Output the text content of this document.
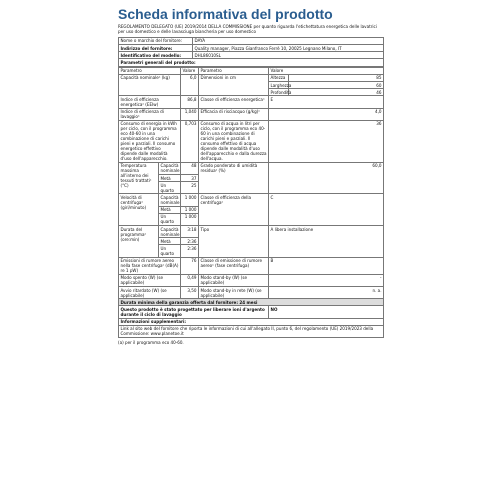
Scheda informativa del prodotto
REGOLAMENTO DELEGATO (UE) 2019/2014 DELLA COMMISSIONE per quanto riguarda l'etichettatura energetica delle lavatrici per uso domestico e delle lavasciuga biancheria per uso domestico
Nome o marchio del fornitore:	DAYA
Indirizzo del fornitore:	Quality manager, Piazza Gianfranco Ferrè 10, 20025 Legnano Milano, IT
Identificativo del modello:	DHL86010SL
Parametri generali del prodotto:	
Parametro		Valore	Parametro	Valore	
Capacità nominaleᵃ (kg)		6,0	Dimensioni in cm	Altezza	85
				Larghezza	60
				Profondità	46
Indice di efficienza energeticaᵃ (EEIw)		86,8	Classe di efficienza energeticaᵃ	E	
Indice di efficienza di lavaggioᵃ		1,040	Efficacia di risciacquo (g/kg)ᵃ	4,0	
Consumo di energia in kWh per ciclo, con il programma eco 40-60 in una combinazione di carichi pieni e parziali. Il consumo energetico effettivo dipende dalle modalità d'uso dell'apparecchio.		0,703	Consumo di acqua in litri per ciclo, con il programma eco 40-60 in una combinazione di carichi pieni e parziali. Il consumo effettivo di acqua dipende dalle modalità d'uso dell'apparecchio e dalla durezza dell'acqua.	36	
Temperatura massima all'interno dei tessuti trattatiᵃ (°C)	Capacità nominale	48	Grado ponderato di umidità residuaᵃ (%)	60,0	
	Metà	37			
	Un quarto	25			
Velocità di centrifugaᵃ (giri/minuto)	Capacità nominale	1 000	Classe di efficienza della centrifugaᵃ	C	
	Metà	1 000			
	Un quarto	1 000			
Durata del programmaᵃ (ore:min)	Capacità nominale	3:18	Tipo	A libera installazione	
	Metà	2:36			
	Un quarto	2:36			
Emissioni di rumore aereo nella fase centrifugaᵃ (dB(A) re 1 pW)		76	Classe di emissione di rumore aereoᵃ (fase centrifuga)	B	
Modo spento (W) (se applicabile)		0,49	Modo stand-by (W) (se applicabile)	-	
Avvio ritardato (W) (se applicabile)		3,50	Modo stand-by in rete (W) (se applicabile)	n. a.	
Durata minima della garanzia offerta dal fornitore: 24 mesi					
Questo prodotto è stato progettato per liberare ioni d'argento durante il ciclo di lavaggio				NO	
Informazioni supplementari:					
Link al sito web del fornitore che riporta le informazioni di cui all'allegato II, punto 6, del regolamento (UE) 2019/2023 della Commissione: www.planetoe.it					
(a) per il programma eco 40-60.
